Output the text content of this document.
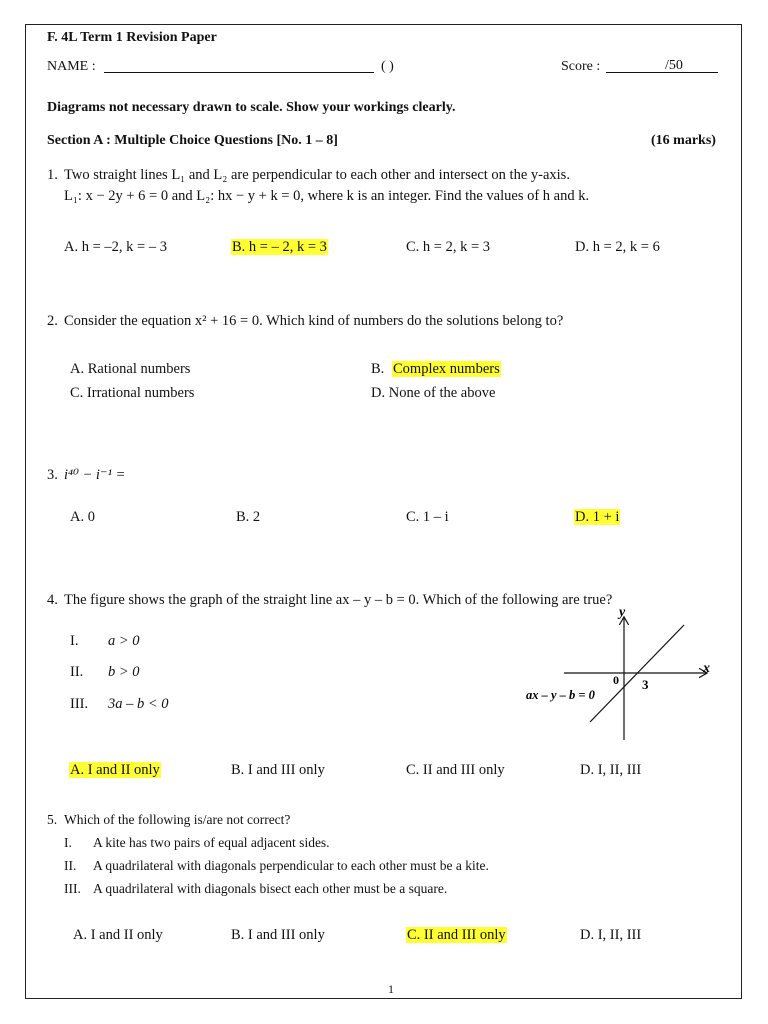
F. 4L Term 1 Revision Paper
NAME :	( )	Score :	/50
Diagrams not necessary drawn to scale. Show your workings clearly.
Section A : Multiple Choice Questions [No. 1 – 8]	(16 marks)
1. Two straight lines L₁ and L₂ are perpendicular to each other and intersect on the y-axis.
L₁: x − 2y + 6 = 0 and L₂: hx − y + k = 0, where k is an integer. Find the values of h and k.
A. h = –2, k = – 3	B. h = – 2, k = 3	C. h = 2, k = 3	D. h = 2, k = 6
2. Consider the equation x² + 16 = 0. Which kind of numbers do the solutions belong to?
A. Rational numbers	B. Complex numbers
C. Irrational numbers	D. None of the above
3. i⁴⁰ − i⁻¹ =
A. 0	B. 2	C. 1 – i	D. 1 + i
4. The figure shows the graph of the straight line ax – y – b = 0. Which of the following are true?
I. a > 0
II. b > 0
III. 3a – b < 0
x
y
0 3
ax – y – b = 0
A. I and II only	B. I and III only	C. II and III only	D. I, II, III
5. Which of the following is/are not correct?
I. A kite has two pairs of equal adjacent sides.
II. A quadrilateral with diagonals perpendicular to each other must be a kite.
III. A quadrilateral with diagonals bisect each other must be a square.
A. I and II only	B. I and III only	C. II and III only	D. I, II, III
1
